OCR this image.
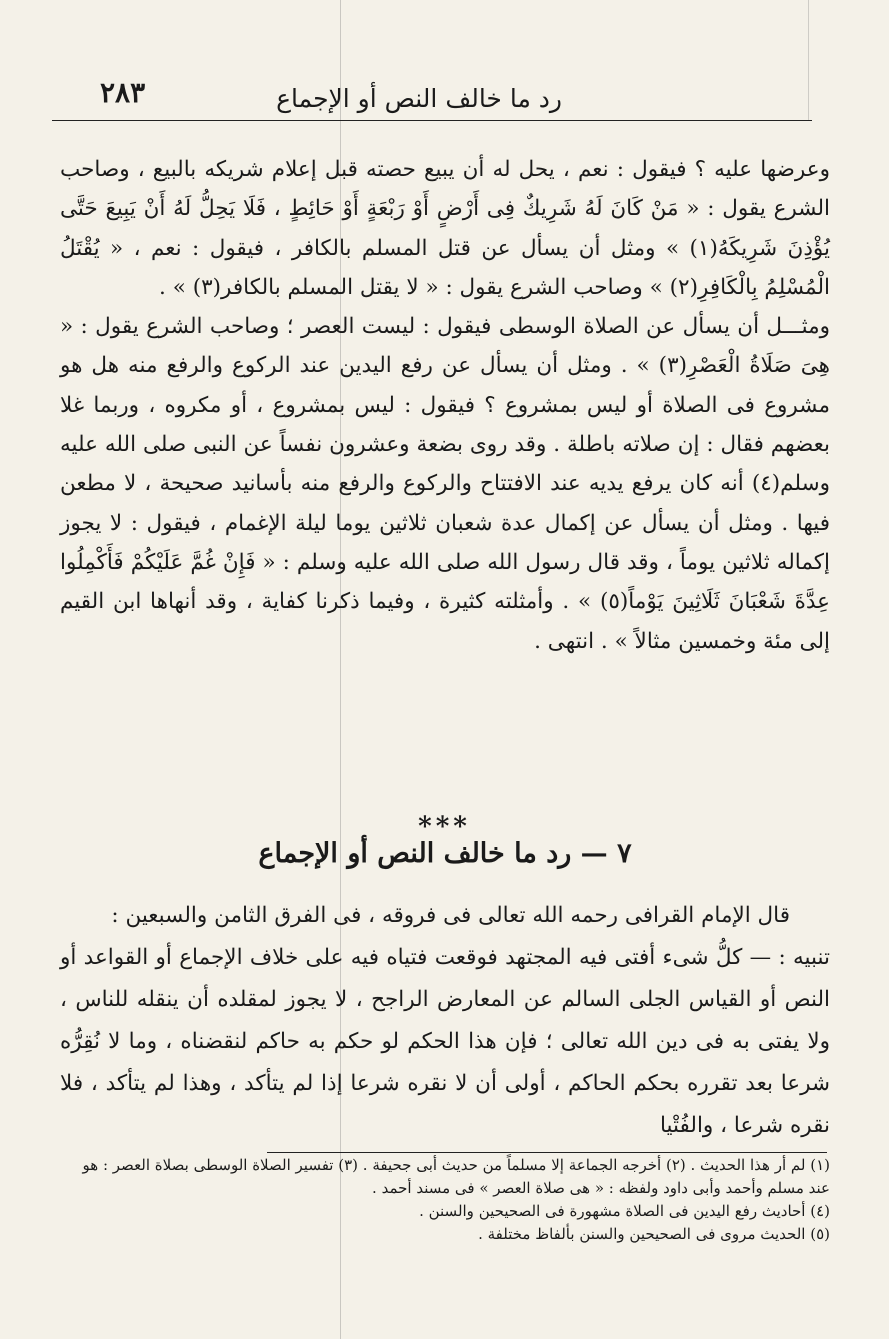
رد ما خالف النص أو الإجماع
٢٨٣

وعرضها عليه ؟ فيقول : نعم ، يحل له أن يبيع حصته قبل إعلام شريكه بالبيع ، وصاحب الشرع يقول : « مَنْ كَانَ لَهُ شَرِيكٌ فِى أَرْضٍ أَوْ رَبْعَةٍ أَوْ حَائِطٍ ، فَلَا يَحِلُّ لَهُ أَنْ يَبِيعَ حَتَّى يُؤْذِنَ شَرِيكَهُ(١) » ومثل أن يسأل عن قتل المسلم بالكافر ، فيقول : نعم ، « يُقْتَلُ الْمُسْلِمُ بِالْكَافِرِ(٢) » وصاحب الشرع يقول : « لا يقتل المسلم بالكافر(٣) » .

ومثـــل أن يسأل عن الصلاة الوسطى فيقول : ليست العصر ؛ وصاحب الشرع يقول : « هِىَ صَلَاةُ الْعَصْرِ(٣) » . ومثل أن يسأل عن رفع اليدين عند الركوع والرفع منه هل هو مشروع فى الصلاة أو ليس بمشروع ؟ فيقول : ليس بمشروع ، أو مكروه ، وربما غلا بعضهم فقال : إن صلاته باطلة . وقد روى بضعة وعشرون نفساً عن النبى صلى الله عليه وسلم(٤) أنه كان يرفع يديه عند الافتتاح والركوع والرفع منه بأسانيد صحيحة ، لا مطعن فيها . ومثل أن يسأل عن إكمال عدة شعبان ثلاثين يوما ليلة الإغمام ، فيقول : لا يجوز إكماله ثلاثين يوماً ، وقد قال رسول الله صلى الله عليه وسلم : « فَإِنْ غُمَّ عَلَيْكُمْ فَأَكْمِلُوا عِدَّةَ شَعْبَانَ ثَلَاثِينَ يَوْماً(٥) » . وأمثلته كثيرة ، وفيما ذكرنا كفاية ، وقد أنهاها ابن القيم إلى مئة وخمسين مثالاً » . انتهى .

***
٧ — رد ما خالف النص أو الإجماع

قال الإمام القرافى رحمه الله تعالى فى فروقه ، فى الفرق الثامن والسبعين :

تنبيه : — كلُّ شىء أفتى فيه المجتهد فوقعت فتياه فيه على خلاف الإجماع أو القواعد أو النص أو القياس الجلى السالم عن المعارض الراجح ، لا يجوز لمقلده أن ينقله للناس ، ولا يفتى به فى دين الله تعالى ؛ فإن هذا الحكم لو حكم به حاكم لنقضناه ، وما لا نُقِرُّه شرعا بعد تقرره بحكم الحاكم ، أولى أن لا نقره شرعا إذا لم يتأكد ، وهذا لم يتأكد ، فلا نقره شرعا ، والفُتْيا

(١) لم أر هذا الحديث . (٢) أخرجه الجماعة إلا مسلماً من حديث أبى جحيفة . (٣) تفسير الصلاة الوسطى بصلاة العصر : هو عند مسلم وأحمد وأبى داود ولفظه : « هى صلاة العصر » فى مسند أحمد .

(٤) أحاديث رفع اليدين فى الصلاة مشهورة فى الصحيحين والسنن .

(٥) الحديث مروى فى الصحيحين والسنن بألفاظ مختلفة .
